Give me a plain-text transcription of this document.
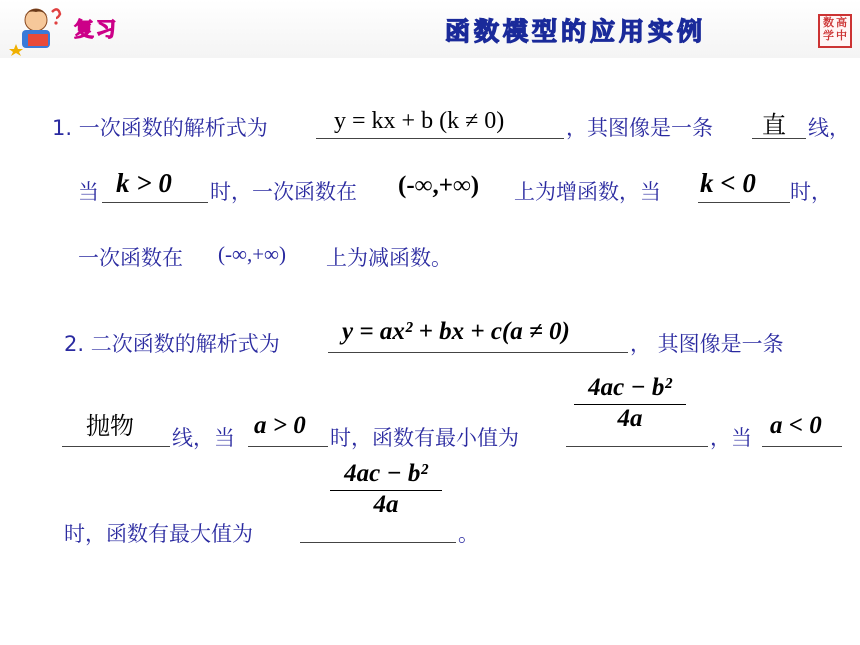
复习	函数模型的应用实例	数 高
学 中
1. 一次函数的解析式为	y = kx + b (k ≠ 0)	，其图像是一条 直 线，
当 k > 0 时，一次函数在 (-∞,+∞) 上为增函数，当 k < 0 时，
一次函数在 (-∞,+∞) 上为减函数。
2. 二次函数的解析式为 y = ax² + bx + c(a ≠ 0)	， 其图像是一条
抛物 线，当 a > 0 时，函数有最小值为
4ac − b²
4a
，当 a < 0
时，函数有最大值为
4ac − b²
4a
。
